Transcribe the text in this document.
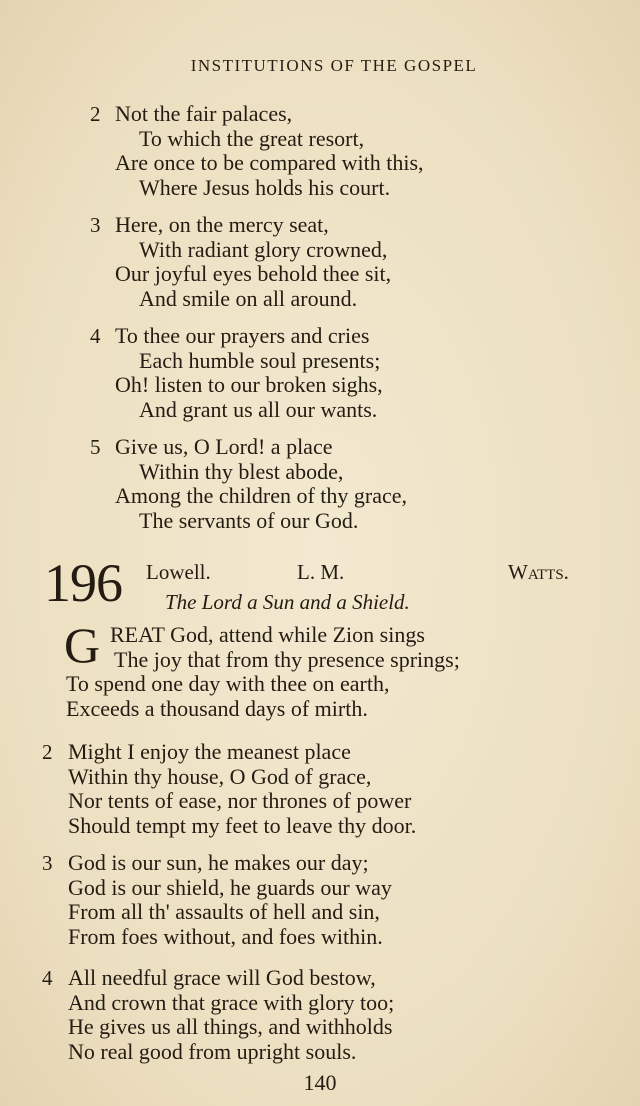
INSTITUTIONS OF THE GOSPEL
2 Not the fair palaces,
To which the great resort,
Are once to be compared with this,
Where Jesus holds his court.
3 Here, on the mercy seat,
With radiant glory crowned,
Our joyful eyes behold thee sit,
And smile on all around.
4 To thee our prayers and cries
Each humble soul presents;
Oh! listen to our broken sighs,
And grant us all our wants.
5 Give us, O Lord! a place
Within thy blest abode,
Among the children of thy grace,
The servants of our God.
196 Lowell.	L. M.	Watts.
The Lord a Sun and a Shield.
G REAT God, attend while Zion sings
The joy that from thy presence springs;
To spend one day with thee on earth,
Exceeds a thousand days of mirth.
2 Might I enjoy the meanest place
Within thy house, O God of grace,
Nor tents of ease, nor thrones of power
Should tempt my feet to leave thy door.
3 God is our sun, he makes our day;
God is our shield, he guards our way
From all th' assaults of hell and sin,
From foes without, and foes within.
4 All needful grace will God bestow,
And crown that grace with glory too;
He gives us all things, and withholds
No real good from upright souls.
140
